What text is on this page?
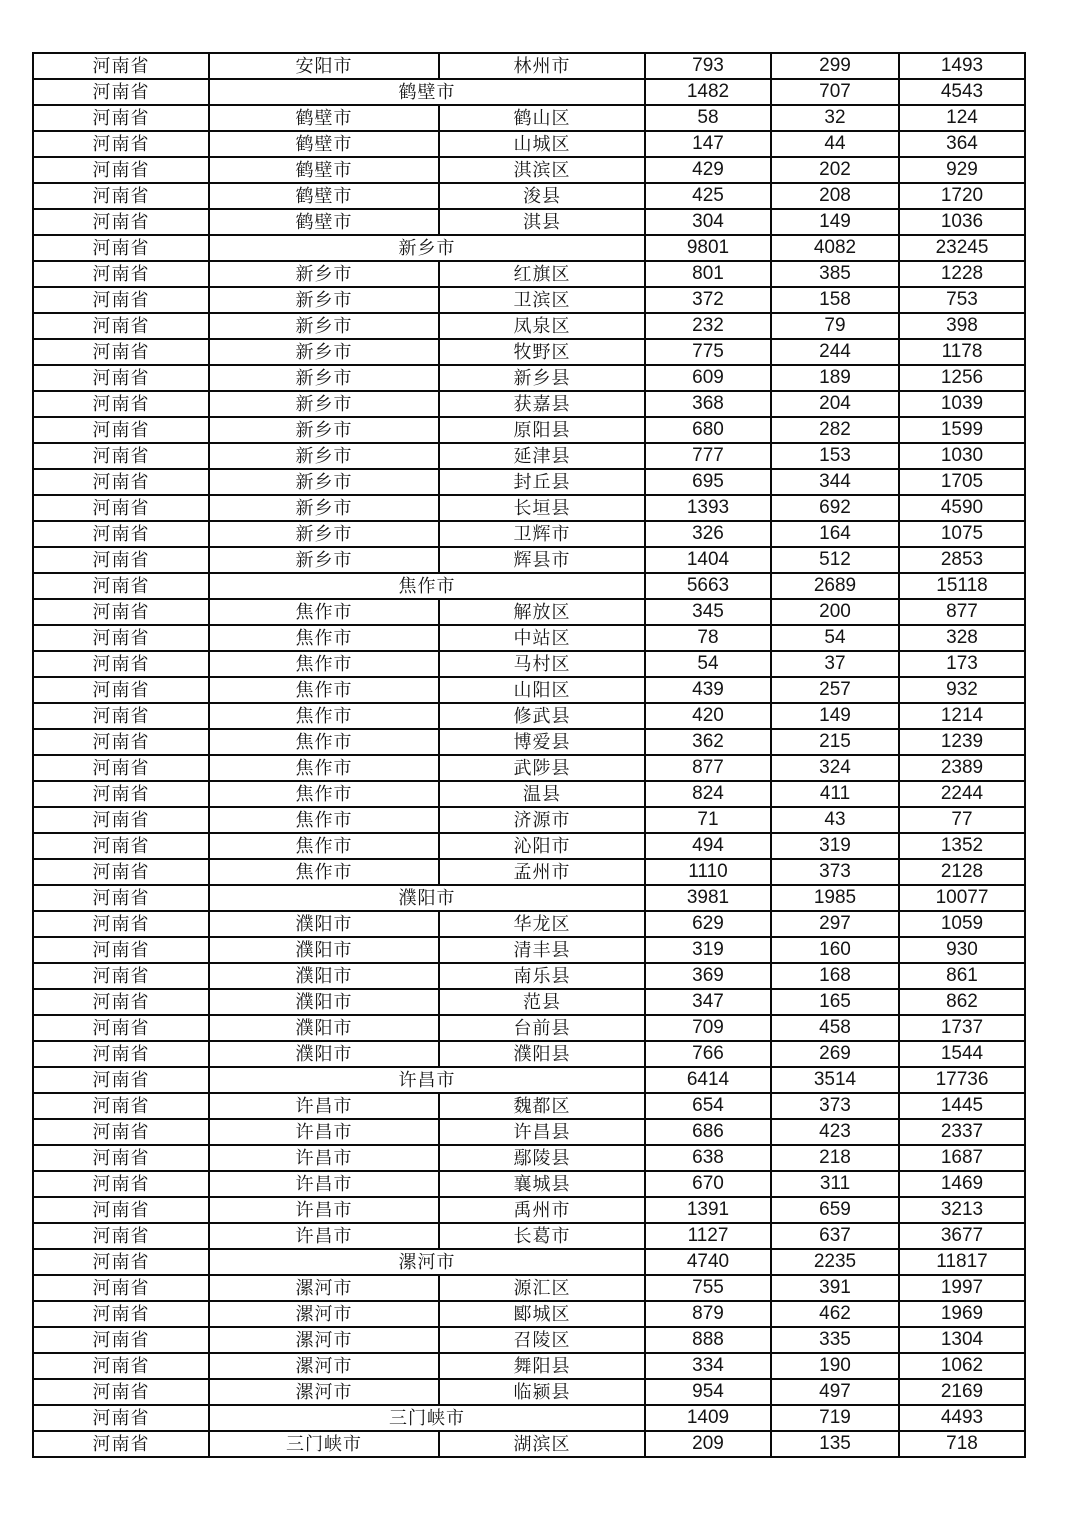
河南省	安阳市	林州市	793	299	1493
河南省	鹤壁市		1482	707	4543
河南省	鹤壁市	鹤山区	58	32	124
河南省	鹤壁市	山城区	147	44	364
河南省	鹤壁市	淇滨区	429	202	929
河南省	鹤壁市	浚县	425	208	1720
河南省	鹤壁市	淇县	304	149	1036
河南省	新乡市		9801	4082	23245
河南省	新乡市	红旗区	801	385	1228
河南省	新乡市	卫滨区	372	158	753
河南省	新乡市	凤泉区	232	79	398
河南省	新乡市	牧野区	775	244	1178
河南省	新乡市	新乡县	609	189	1256
河南省	新乡市	获嘉县	368	204	1039
河南省	新乡市	原阳县	680	282	1599
河南省	新乡市	延津县	777	153	1030
河南省	新乡市	封丘县	695	344	1705
河南省	新乡市	长垣县	1393	692	4590
河南省	新乡市	卫辉市	326	164	1075
河南省	新乡市	辉县市	1404	512	2853
河南省	焦作市		5663	2689	15118
河南省	焦作市	解放区	345	200	877
河南省	焦作市	中站区	78	54	328
河南省	焦作市	马村区	54	37	173
河南省	焦作市	山阳区	439	257	932
河南省	焦作市	修武县	420	149	1214
河南省	焦作市	博爱县	362	215	1239
河南省	焦作市	武陟县	877	324	2389
河南省	焦作市	温县	824	411	2244
河南省	焦作市	济源市	71	43	77
河南省	焦作市	沁阳市	494	319	1352
河南省	焦作市	孟州市	1110	373	2128
河南省	濮阳市		3981	1985	10077
河南省	濮阳市	华龙区	629	297	1059
河南省	濮阳市	清丰县	319	160	930
河南省	濮阳市	南乐县	369	168	861
河南省	濮阳市	范县	347	165	862
河南省	濮阳市	台前县	709	458	1737
河南省	濮阳市	濮阳县	766	269	1544
河南省	许昌市		6414	3514	17736
河南省	许昌市	魏都区	654	373	1445
河南省	许昌市	许昌县	686	423	2337
河南省	许昌市	鄢陵县	638	218	1687
河南省	许昌市	襄城县	670	311	1469
河南省	许昌市	禹州市	1391	659	3213
河南省	许昌市	长葛市	1127	637	3677
河南省	漯河市		4740	2235	11817
河南省	漯河市	源汇区	755	391	1997
河南省	漯河市	郾城区	879	462	1969
河南省	漯河市	召陵区	888	335	1304
河南省	漯河市	舞阳县	334	190	1062
河南省	漯河市	临颍县	954	497	2169
河南省	三门峡市		1409	719	4493
河南省	三门峡市	湖滨区	209	135	718
